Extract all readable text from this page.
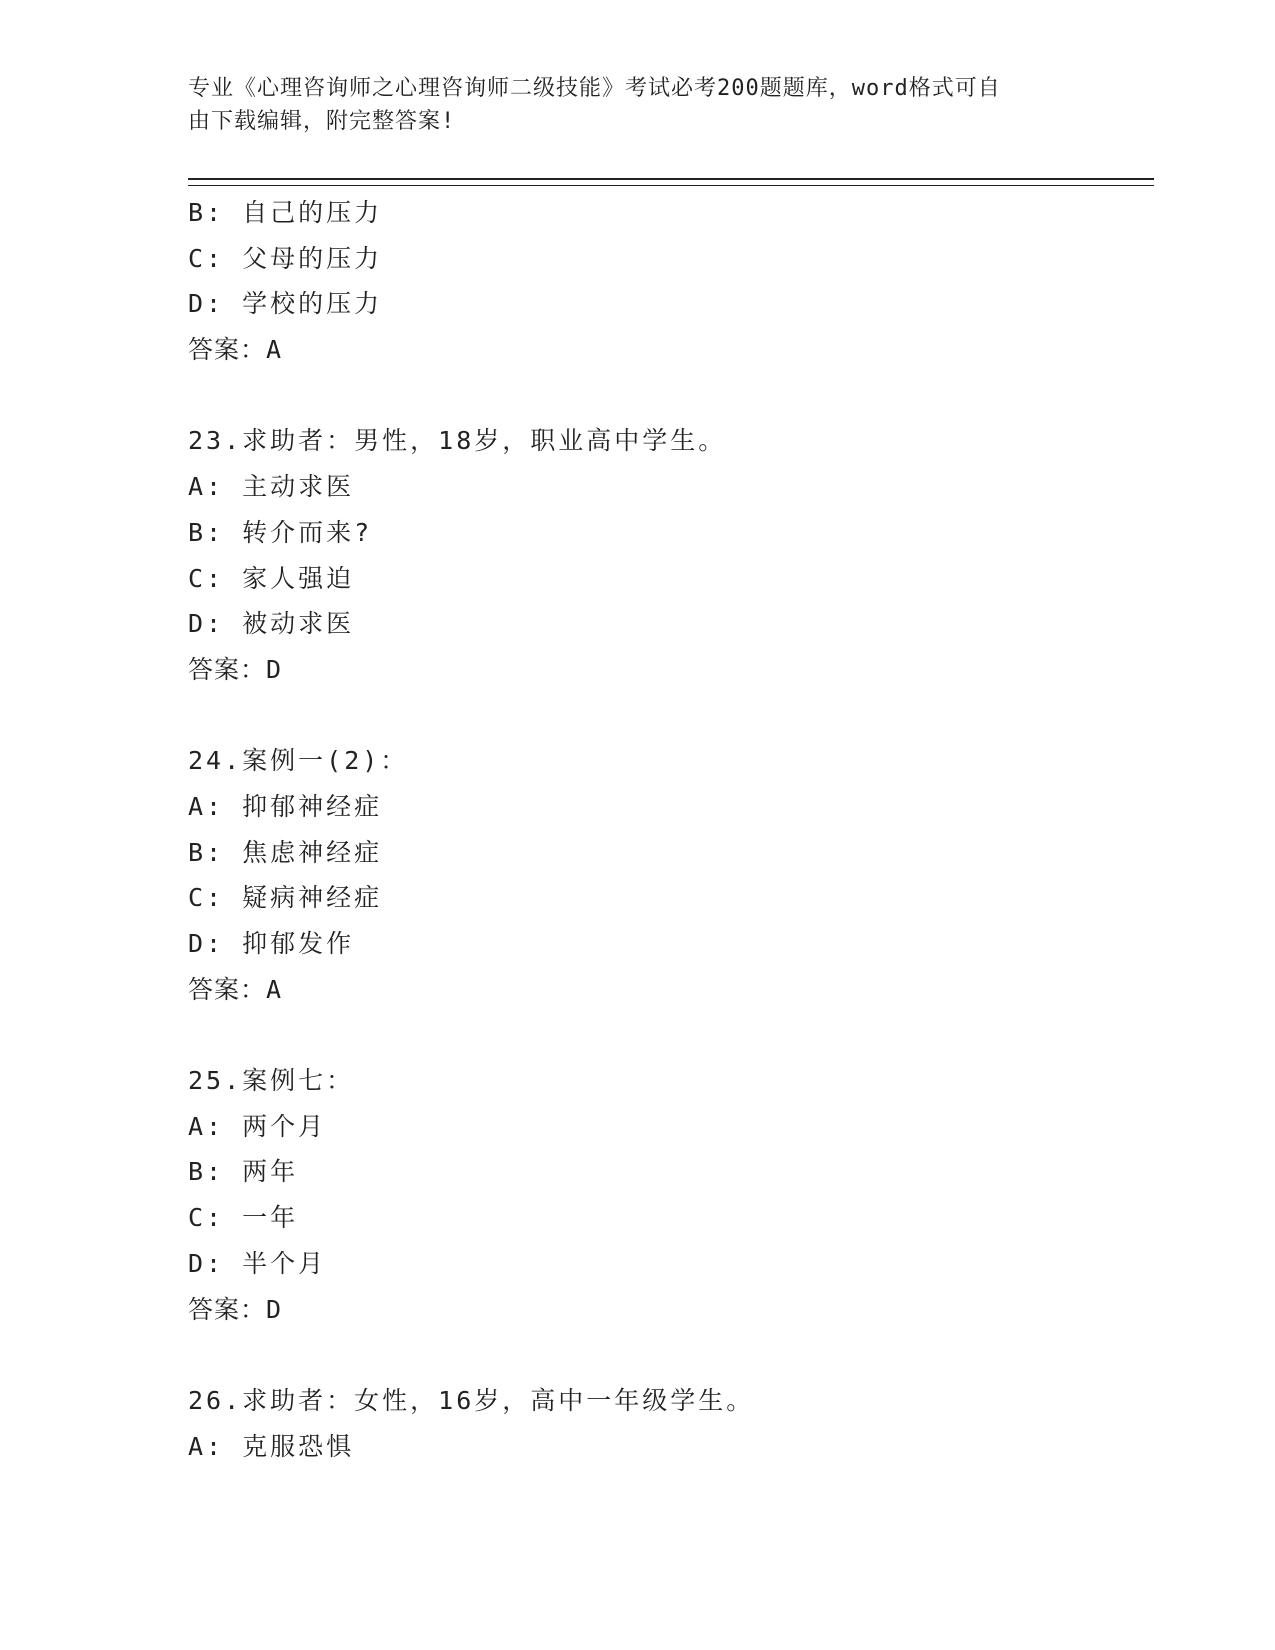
专业《心理咨询师之心理咨询师二级技能》考试必考200题题库，word格式可自
由下载编辑，附完整答案!
B: 自己的压力
C: 父母的压力
D: 学校的压力
答案：A
23.求助者：男性，18岁，职业高中学生。
A: 主动求医
B: 转介而来?
C: 家人强迫
D: 被动求医
答案：D
24.案例一(2)：
A: 抑郁神经症
B: 焦虑神经症
C: 疑病神经症
D: 抑郁发作
答案：A
25.案例七：
A: 两个月
B: 两年
C: 一年
D: 半个月
答案：D
26.求助者：女性，16岁，高中一年级学生。
A: 克服恐惧
